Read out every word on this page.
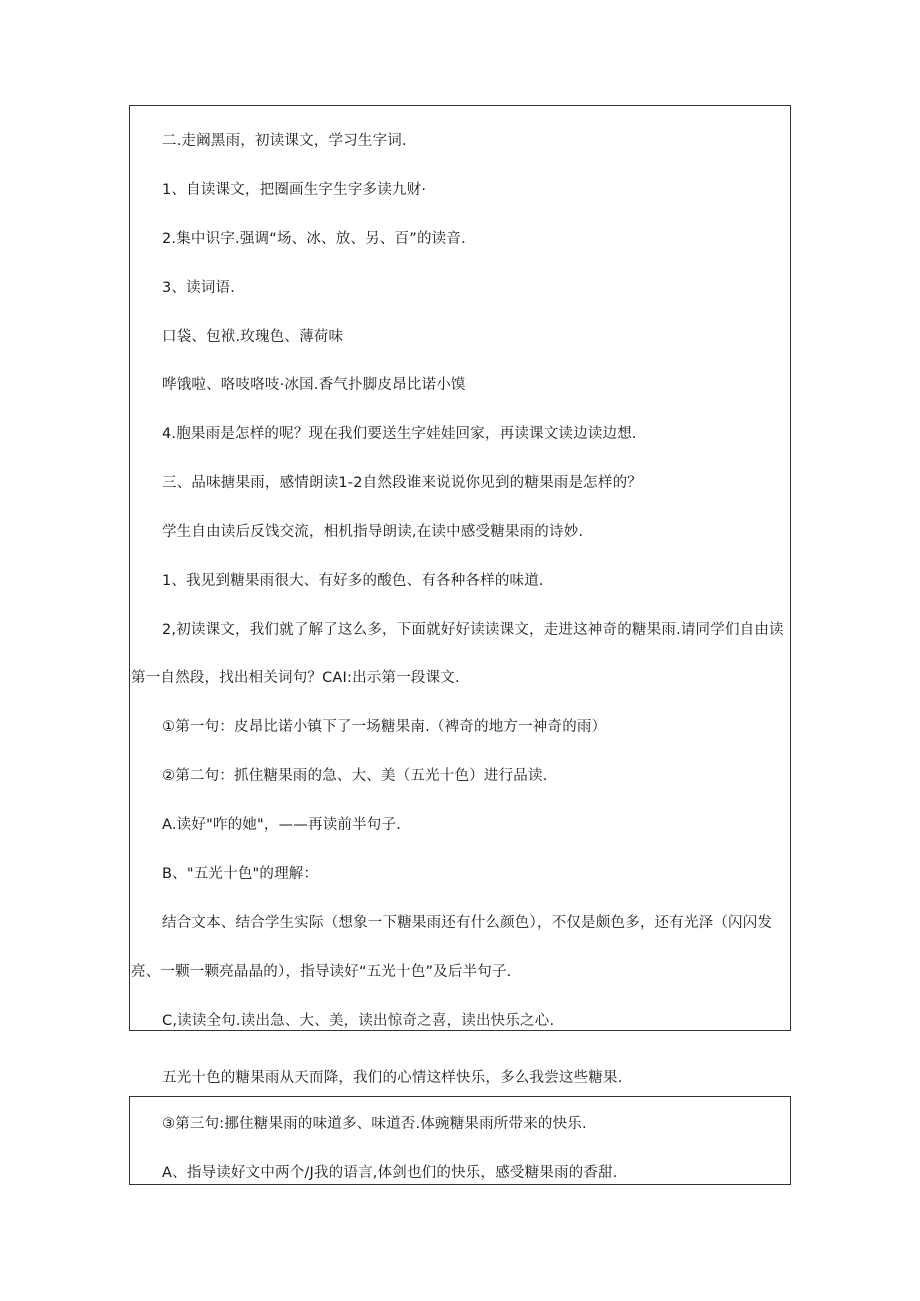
二.走阚黑雨，初读课文，学习生字词.
1、自读课文，把圈画生字生字多读九财·
2.集中识字.强调“场、冰、放、另、百”的读音.
3、读词语.
口袋、包袱.玫瑰色、薄荷味
哗饿啦、咯吱咯吱·冰国.香气扑脚皮昂比诺小馍
4.胞果雨是怎样的呢？现在我们要送生字娃娃回家，再读课文读边读边想.
三、品味搪果雨，感情朗读1-2自然段谁来说说你见到的糖果雨是怎样的？
学生自由读后反饯交流，相机指导朗读,在读中感受糖果雨的诗妙.
1、我见到糖果雨很大、有好多的酸色、有各种各样的味道.
2,初读课文，我们就了解了这么多，下面就好好读读课文，走进这神奇的糖果雨.请同学们自由读
第一自然段，找出相关词句？CAI:出示第一段课文.
①第一句：皮昂比诺小镇下了一场糖果南.（裨奇的地方一神奇的雨）
②第二句：抓住糖果雨的急、大、美（五光十色）进行品读.
A.读好"咋的她"，——再读前半句子.
B、"五光十色"的理解：
结合文本、结合学生实际（想象一下糖果雨还有什么颜色），不仅是颇色多，还有光泽（闪闪发
亮、一颗一颗亮晶晶的），指导读好“五光十色”及后半句子.
C,读读全句.读出急、大、美，读出惊奇之喜，读出快乐之心.
五光十色的糖果雨从天而降，我们的心情这样快乐，多么我尝这些糖果.
③第三句:挪住糖果雨的味道多、味道否.体豌糖果雨所带来的快乐.
A、指导读好文中两个/J我的语言,体剑也们的快乐，感受糖果雨的香甜.
